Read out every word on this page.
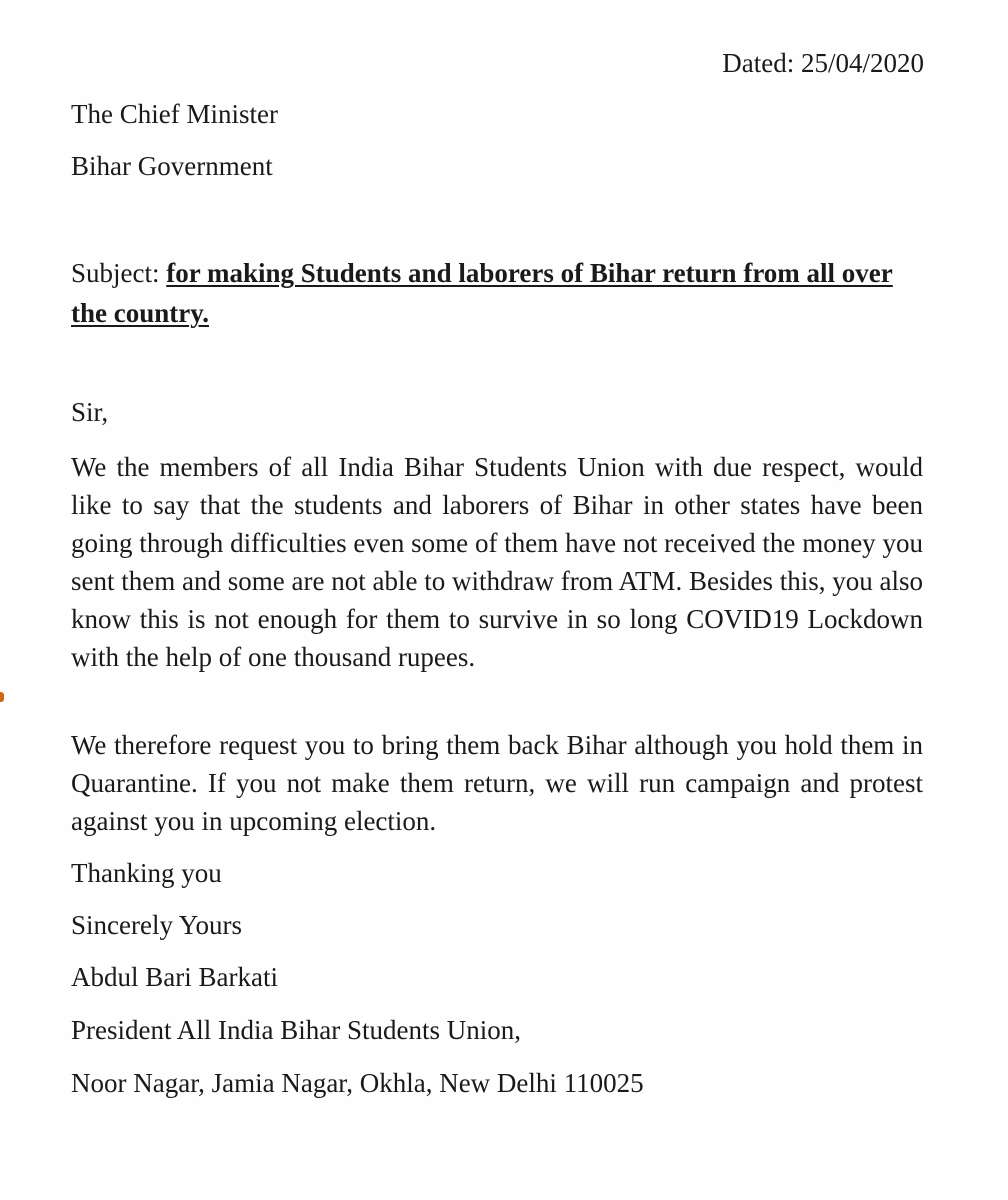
Dated: 25/04/2020
The Chief Minister
Bihar Government
Subject: for making Students and laborers of Bihar return from all over the country.
Sir,
We the members of all India Bihar Students Union with due respect, would like to say that the students and laborers of Bihar in other states have been going through difficulties even some of them have not received the money you sent them and some are not able to withdraw from ATM. Besides this, you also know this is not enough for them to survive in so long COVID19 Lockdown with the help of one thousand rupees.
We therefore request you to bring them back Bihar although you hold them in Quarantine. If you not make them return, we will run campaign and protest against you in upcoming election.
Thanking you
Sincerely Yours
Abdul Bari Barkati
President All India Bihar Students Union,
Noor Nagar, Jamia Nagar, Okhla, New Delhi 110025
